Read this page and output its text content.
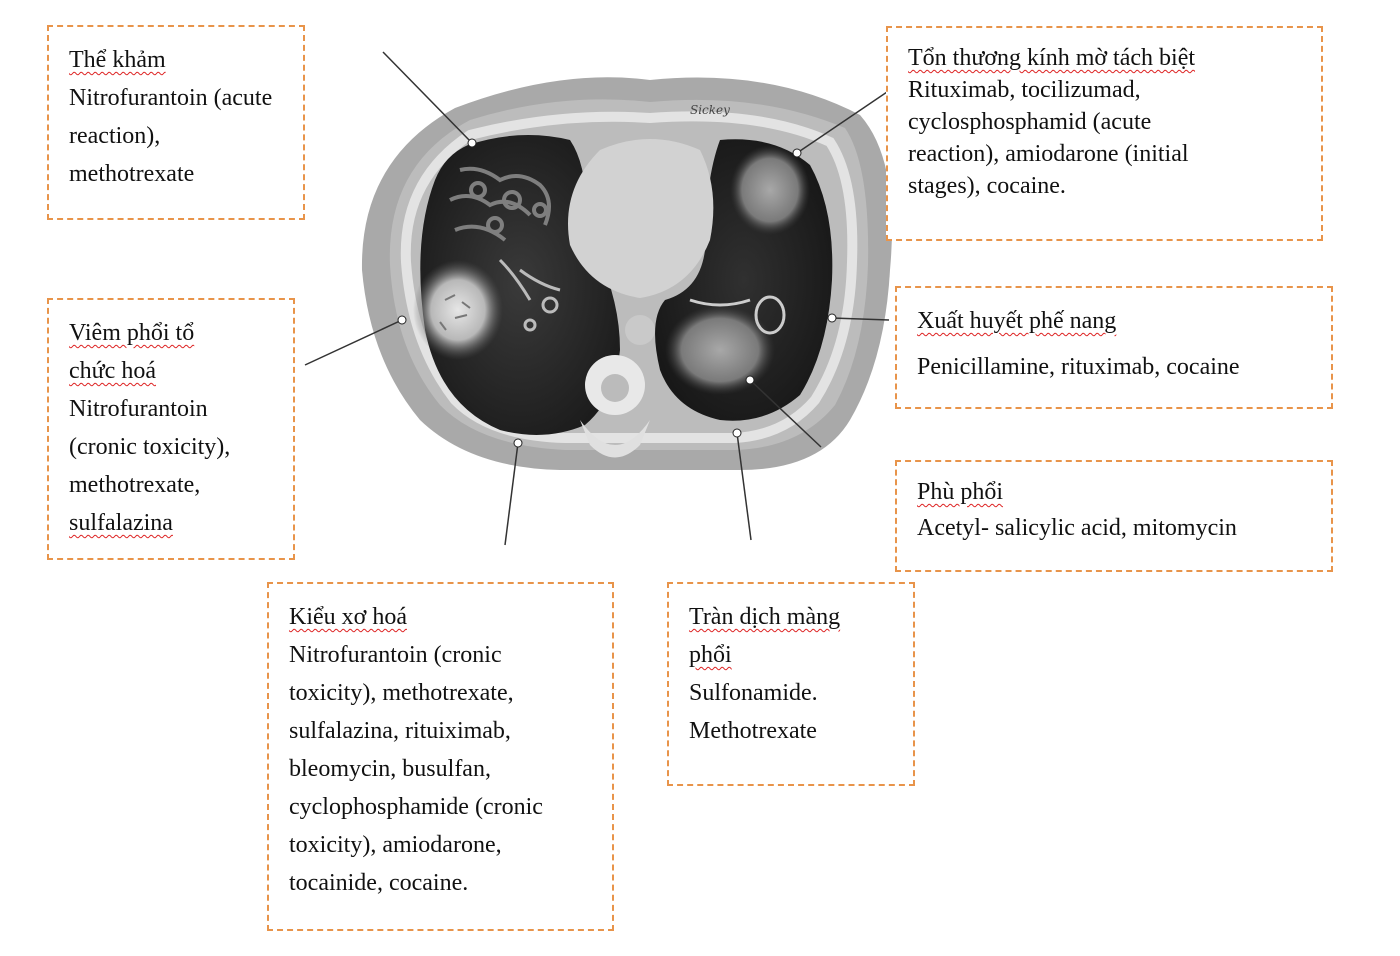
Sickey
Thể khảm
Nitrofurantoin (acute reaction), methotrexate
Tổn thương kính mờ tách biệt
Rituximab, tocilizumad,
cyclosphosphamid (acute
reaction), amiodarone (initial
stages), cocaine.
Viêm phổi tổ
chức hoá
Nitrofurantoin
(cronic toxicity),
methotrexate,
sulfalazina
Xuất huyết phế nang
Penicillamine, rituximab, cocaine
Phù phổi
Acetyl- salicylic acid, mitomycin
Kiểu xơ hoá
Nitrofurantoin (cronic
toxicity), methotrexate,
sulfalazina, rituiximab,
bleomycin, busulfan,
cyclophosphamide (cronic
toxicity), amiodarone,
tocainide, cocaine.
Tràn dịch màng
phổi
Sulfonamide.
Methotrexate
